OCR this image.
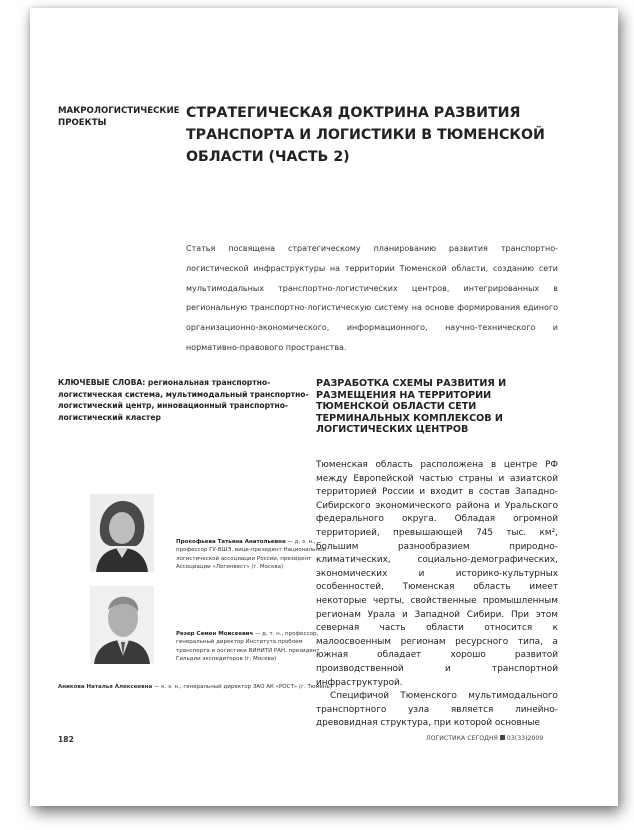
МАКРОЛОГИСТИЧЕСКИЕ ПРОЕКТЫ
СТРАТЕГИЧЕСКАЯ ДОКТРИНА РАЗВИТИЯ ТРАНСПОРТА И ЛОГИСТИКИ В ТЮМЕНСКОЙ ОБЛАСТИ (ЧАСТЬ 2)
Статья посвящена стратегическому планированию развития транспортно-логистической инфраструктуры на территории Тюменской области, созданию сети мультимодальных транспортно-логистических центров, интегрированных в региональную транспортно-логистическую систему на основе формирования единого организационно-экономического, информационного, научно-технического и нормативно-правового пространства.
КЛЮЧЕВЫЕ СЛОВА: региональная транспортно-логистическая система, мультимодальный транспортно-логистический центр, инновационный транспортно-логистический кластер
РАЗРАБОТКА СХЕМЫ РАЗВИТИЯ И РАЗМЕЩЕНИЯ НА ТЕРРИТОРИИ ТЮМЕНСКОЙ ОБЛАСТИ СЕТИ ТЕРМИНАЛЬНЫХ КОМПЛЕКСОВ И ЛОГИСТИЧЕСКИХ ЦЕНТРОВ

Тюменская область расположена в центре РФ между Европейской частью страны и азиатской территорией России и входит в состав Западно-Сибирского экономического района и Уральского федерального округа. Обладая огромной территорией, превышающей 745 тыс. км², большим разнообразием природно-климатических, социально-демографических, экономических и историко-культурных особенностей, Тюменская область имеет некоторые черты, свойственные промышленным регионам Урала и Западной Сибири. При этом северная часть области относится к малоосвоенным регионам ресурсного типа, а южная обладает хорошо развитой производственной и транспортной инфраструктурой.

Специфичой Тюменского мультимодального транспортного узла является линейно-древовидная структура, при которой основные

Прокофьева Татьяна Анатольевна — д. э. н., профессор ГУ-ВШЭ, вице-президент Национальной логистической ассоциации России, президент Ассоциации «Логинвест» (г. Москва)
Резер Семен Моисеевич — д. т. н., профессор, генеральный директор Института проблем транспорта и логистики ВИНИТИ РАН, президент Гильдии экспедиторов (г. Москва)
Аникова Наталья Алексеевна — к. э. н., генеральный директор ЗАО АК «РОСТ» (г. Тюмень)
182	ЛОГИСТИКА СЕГОДНЯ 03(33)2009
